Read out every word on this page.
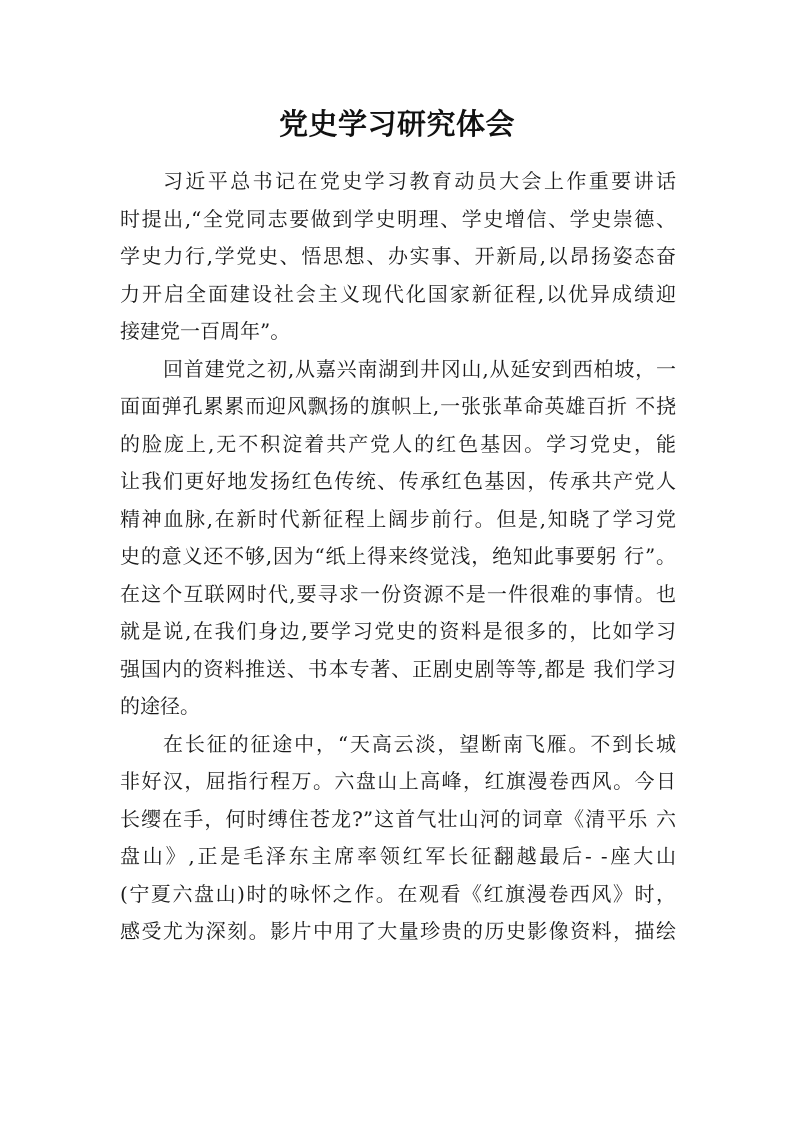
党史学习研究体会
习近平总书记在党史学习教育动员大会上作重要讲话
时提出,“全党同志要做到学史明理、学史增信、学史崇德、
学史力行,学党史、悟思想、办实事、开新局,以昂扬姿态奋
力开启全面建设社会主义现代化国家新征程,以优异成绩迎
接建党一百周年”。
回首建党之初,从嘉兴南湖到井冈山,从延安到西柏坡，一
面面弹孔累累而迎风飘扬的旗帜上,一张张革命英雄百折 不挠
的脸庞上,无不积淀着共产党人的红色基因。学习党史，能
让我们更好地发扬红色传统、传承红色基因，传承共产党人
精神血脉,在新时代新征程上阔步前行。但是,知晓了学习党
史的意义还不够,因为“纸上得来终觉浅，绝知此事要躬 行”。
在这个互联网时代,要寻求一份资源不是一件很难的事情。也
就是说,在我们身边,要学习党史的资料是很多的，比如学习
强国内的资料推送、书本专著、正剧史剧等等,都是 我们学习
的途径。
在长征的征途中，“天高云淡，望断南飞雁。不到长城
非好汉，屈指行程万。六盘山上高峰，红旗漫卷西风。今日
长缨在手，何时缚住苍龙?”这首气壮山河的词章《清平乐 六
盘山》,正是毛泽东主席率领红军长征翻越最后- -座大山
(宁夏六盘山)时的咏怀之作。在观看《红旗漫卷西风》时，
感受尤为深刻。影片中用了大量珍贵的历史影像资料，描绘
